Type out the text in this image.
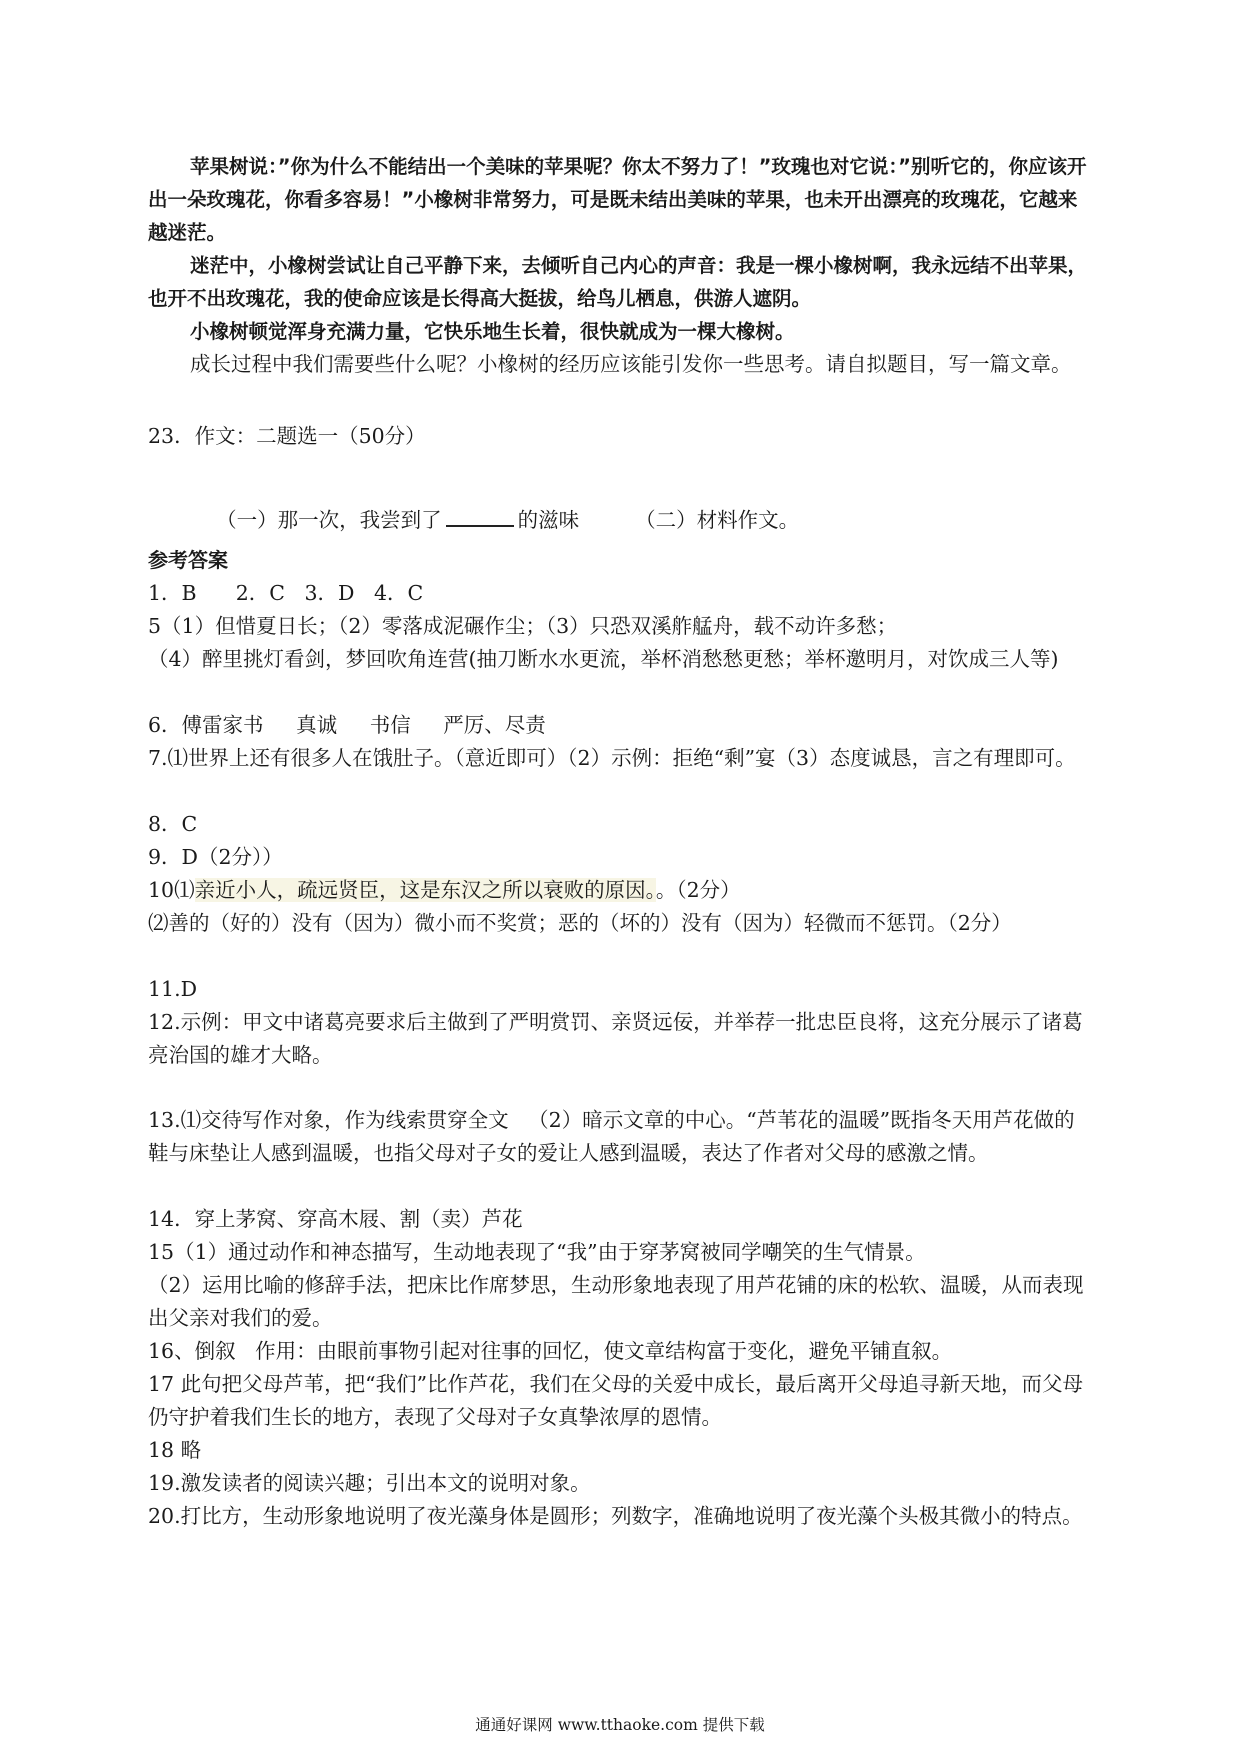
苹果树说：”你为什么不能结出一个美味的苹果呢？你太不努力了！”玫瑰也对它说：”别听它的，你应该开出一朵玫瑰花，你看多容易！”小橡树非常努力，可是既未结出美味的苹果，也未开出漂亮的玫瑰花，它越来越迷茫。
迷茫中，小橡树尝试让自己平静下来，去倾听自己内心的声音：我是一棵小橡树啊，我永远结不出苹果，也开不出玫瑰花，我的使命应该是长得高大挺拔，给鸟儿栖息，供游人遮阴。
小橡树顿觉浑身充满力量，它快乐地生长着，很快就成为一棵大橡树。
成长过程中我们需要些什么呢？小橡树的经历应该能引发你一些思考。请自拟题目，写一篇文章。
23．作文：二题选一（50分）

（一）那一次，我尝到了	的滋味	（二）材料作文。

参考答案
1．B      2．C   3．D   4．C
5（1）但惜夏日长；（2）零落成泥碾作尘；（3）只恐双溪舴艋舟，载不动许多愁；
（4）醉里挑灯看剑，梦回吹角连营(抽刀断水水更流，举杯消愁愁更愁；举杯邀明月，对饮成三人等)
6．傅雷家书     真诚     书信     严厉、尽责
7.⑴世界上还有很多人在饿肚子。（意近即可）（2）示例：拒绝“剩”宴（3）态度诚恳，言之有理即可。
8．C
9．D（2分））
10⑴亲近小人，疏远贤臣，这是东汉之所以衰败的原因。。（2分）
⑵善的（好的）没有（因为）微小而不奖赏；恶的（坏的）没有（因为）轻微而不惩罚。（2分）
11.D
12.示例：甲文中诸葛亮要求后主做到了严明赏罚、亲贤远佞，并举荐一批忠臣良将，这充分展示了诸葛亮治国的雄才大略。
13.⑴交待写作对象，作为线索贯穿全文   （2）暗示文章的中心。“芦苇花的温暖”既指冬天用芦花做的鞋与床垫让人感到温暖，也指父母对子女的爱让人感到温暖，表达了作者对父母的感激之情。
14．穿上茅窝、穿高木屐、割（卖）芦花
15（1）通过动作和神态描写，生动地表现了“我”由于穿茅窝被同学嘲笑的生气情景。
（2）运用比喻的修辞手法，把床比作席梦思，生动形象地表现了用芦花铺的床的松软、温暖，从而表现出父亲对我们的爱。
16、倒叙   作用：由眼前事物引起对往事的回忆，使文章结构富于变化，避免平铺直叙。
17 此句把父母芦苇，把“我们”比作芦花，我们在父母的关爱中成长，最后离开父母追寻新天地，而父母仍守护着我们生长的地方，表现了父母对子女真挚浓厚的恩情。
18 略
19.激发读者的阅读兴趣；引出本文的说明对象。
20.打比方，生动形象地说明了夜光藻身体是圆形；列数字，准确地说明了夜光藻个头极其微小的特点。
通通好课网 www.tthaoke.com 提供下载
